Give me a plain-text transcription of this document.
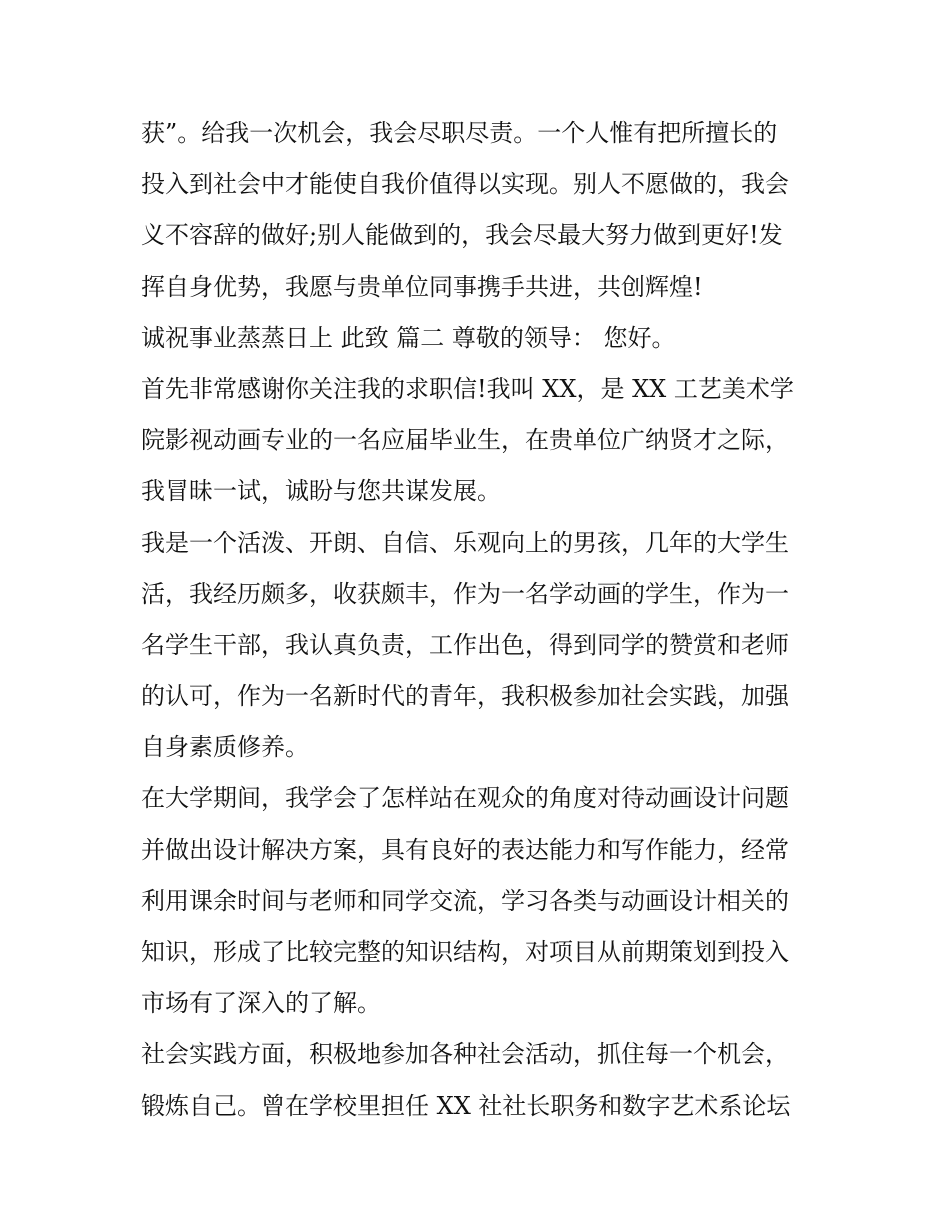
获”。给我一次机会，我会尽职尽责。一个人惟有把所擅长的
投入到社会中才能使自我价值得以实现。别人不愿做的，我会
义不容辞的做好;别人能做到的，我会尽最大努力做到更好!发
挥自身优势，我愿与贵单位同事携手共进，共创辉煌!
诚祝事业蒸蒸日上 此致 篇二 尊敬的领导： 您好。
首先非常感谢你关注我的求职信!我叫 XX，是 XX 工艺美术学
院影视动画专业的一名应届毕业生，在贵单位广纳贤才之际，
我冒昧一试，诚盼与您共谋发展。
我是一个活泼、开朗、自信、乐观向上的男孩，几年的大学生
活，我经历颇多，收获颇丰，作为一名学动画的学生，作为一
名学生干部，我认真负责，工作出色，得到同学的赞赏和老师
的认可，作为一名新时代的青年，我积极参加社会实践，加强
自身素质修养。
在大学期间，我学会了怎样站在观众的角度对待动画设计问题
并做出设计解决方案，具有良好的表达能力和写作能力，经常
利用课余时间与老师和同学交流，学习各类与动画设计相关的
知识，形成了比较完整的知识结构，对项目从前期策划到投入
市场有了深入的了解。
社会实践方面，积极地参加各种社会活动，抓住每一个机会，
锻炼自己。曾在学校里担任 XX 社社长职务和数字艺术系论坛
